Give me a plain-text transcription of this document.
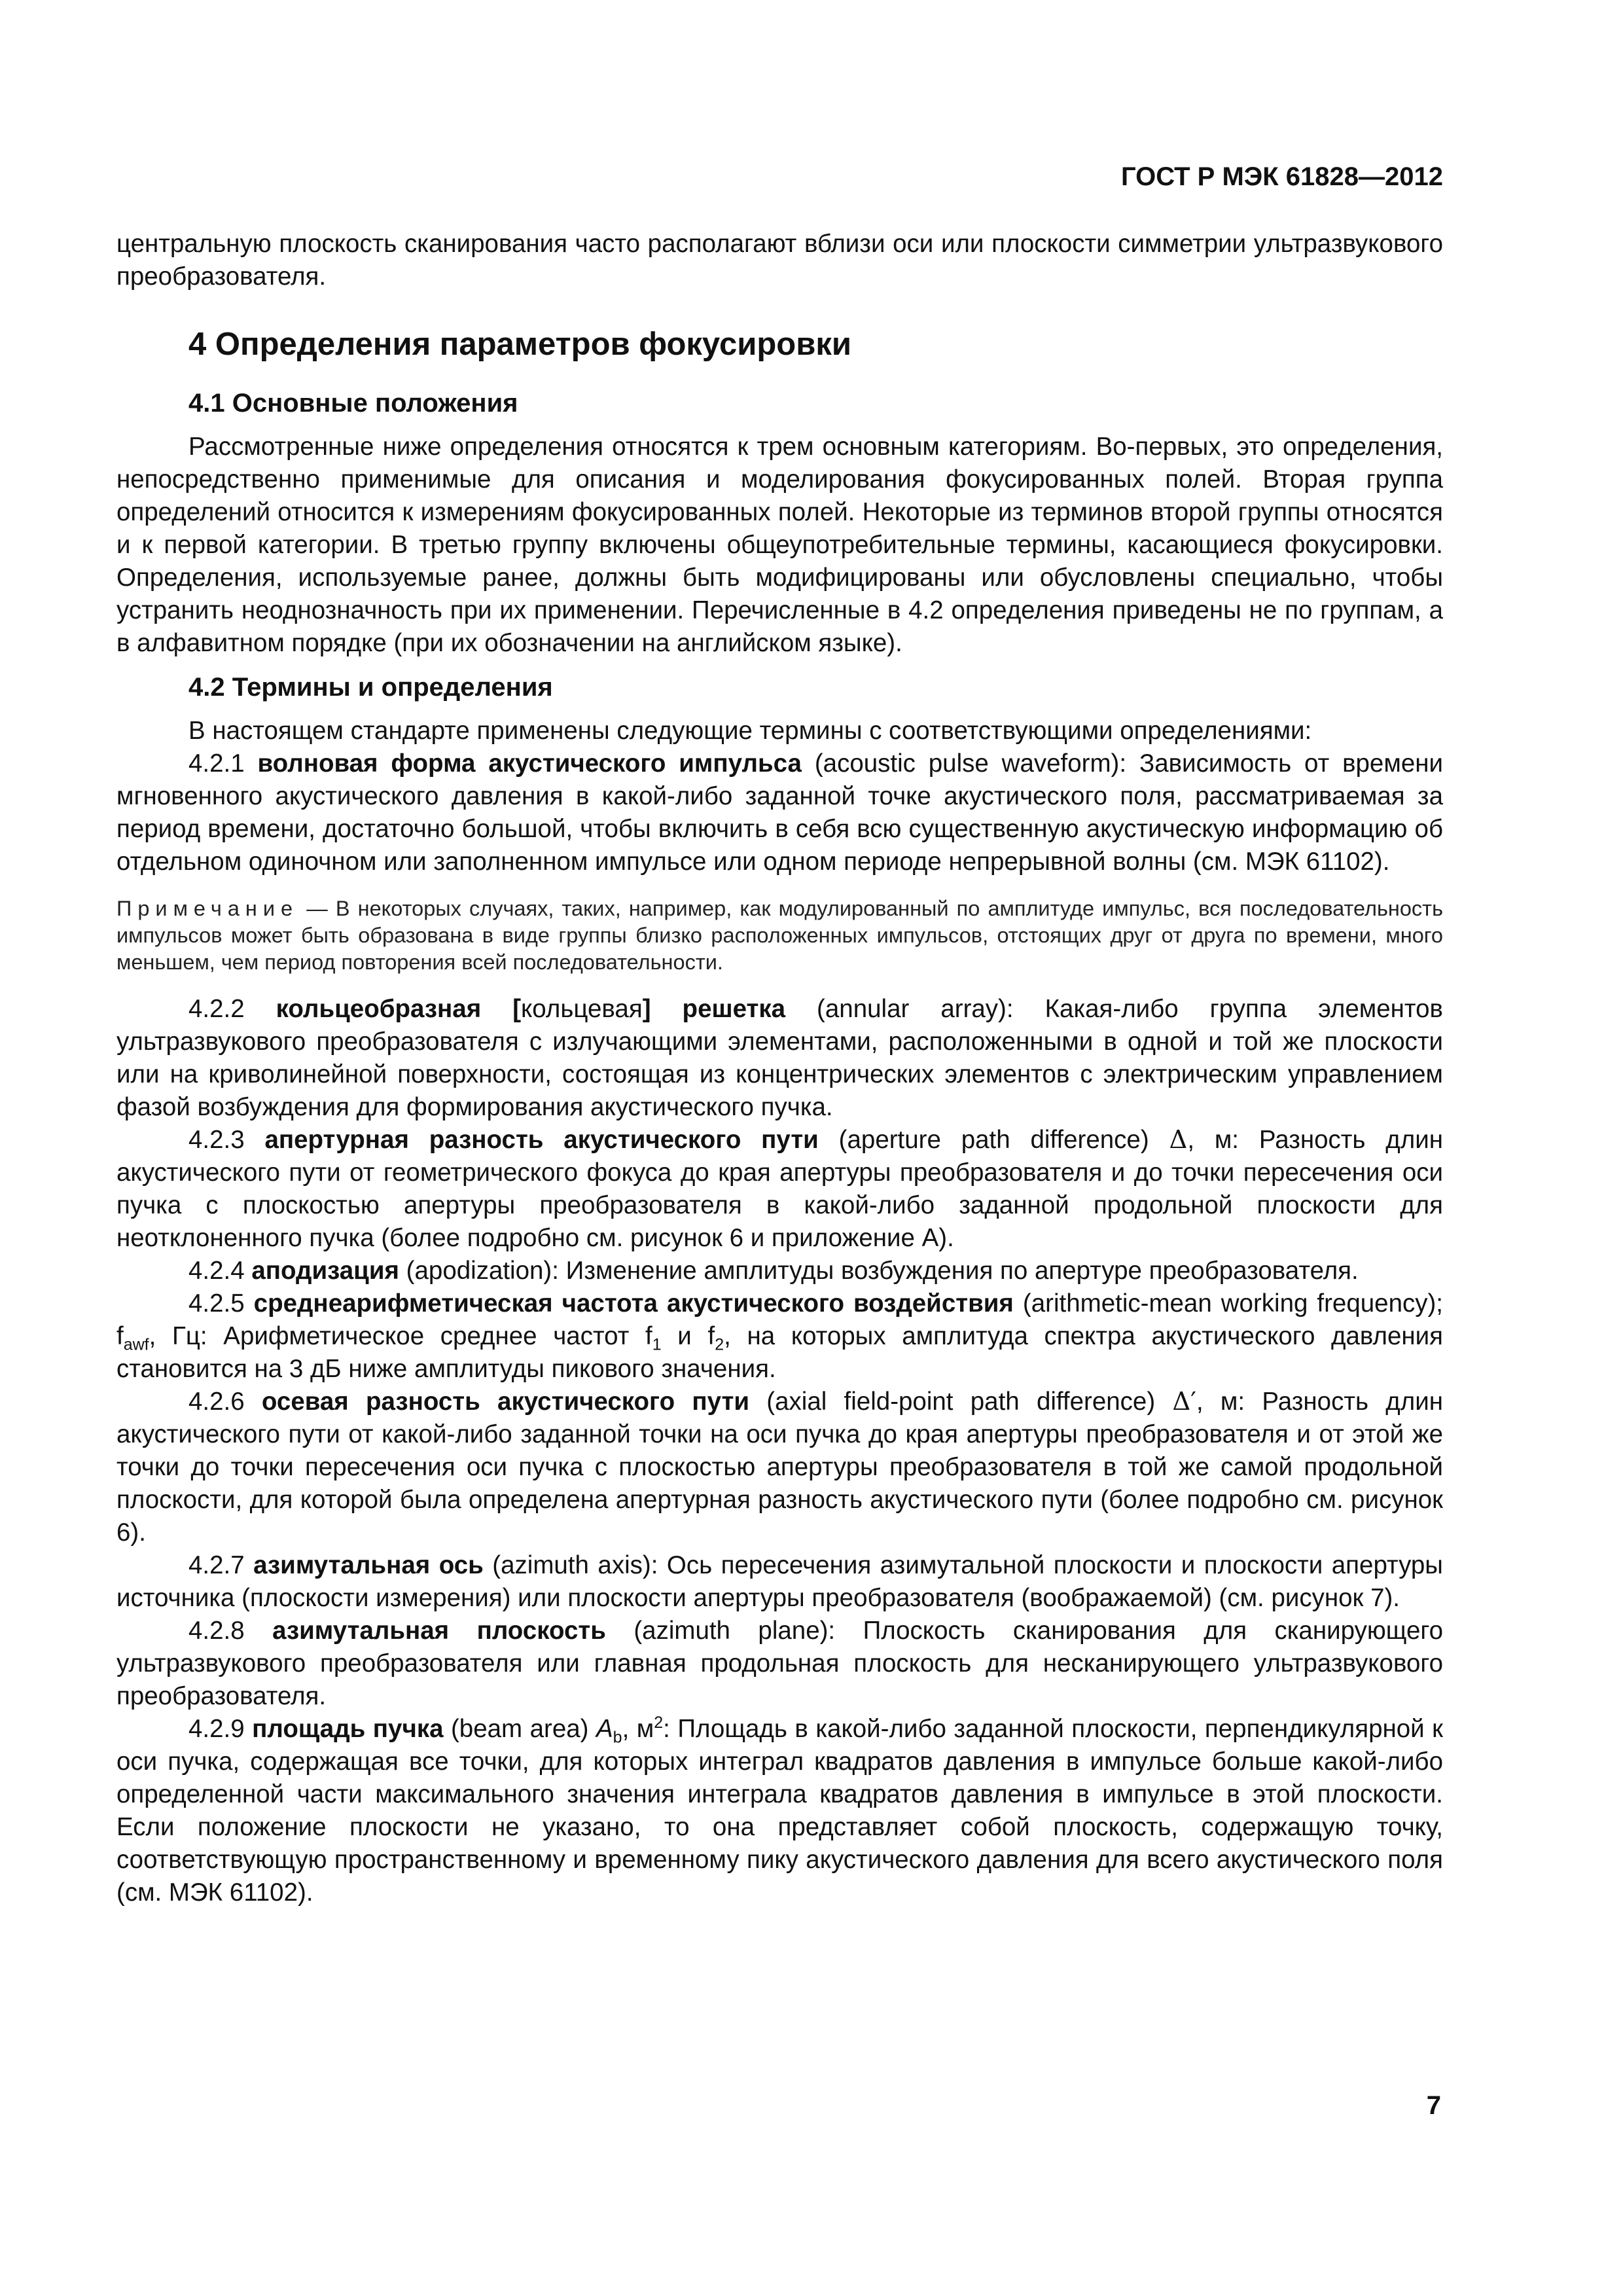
ГОСТ Р МЭК 61828—2012

центральную плоскость сканирования часто располагают вблизи оси или плоскости симметрии ультразвукового преобразователя.

4 Определения параметров фокусировки
4.1 Основные положения

Рассмотренные ниже определения относятся к трем основным категориям. Во-первых, это определения, непосредственно применимые для описания и моделирования фокусированных полей. Вторая группа определений относится к измерениям фокусированных полей. Некоторые из терминов второй группы относятся и к первой категории. В третью группу включены общеупотребительные термины, касающиеся фокусировки. Определения, используемые ранее, должны быть модифицированы или обусловлены специально, чтобы устранить неоднозначность при их применении. Перечисленные в 4.2 определения приведены не по группам, а в алфавитном порядке (при их обозначении на английском языке).

4.2 Термины и определения

В настоящем стандарте применены следующие термины с соответствующими определениями:

4.2.1 волновая форма акустического импульса (acoustic pulse waveform): Зависимость от времени мгновенного акустического давления в какой-либо заданной точке акустического поля, рассматриваемая за период времени, достаточно большой, чтобы включить в себя всю существенную акустическую информацию об отдельном одиночном или заполненном импульсе или одном периоде непрерывной волны (см. МЭК 61102).

Примечание — В некоторых случаях, таких, например, как модулированный по амплитуде импульс, вся последовательность импульсов может быть образована в виде группы близко расположенных импульсов, отстоящих друг от друга по времени, много меньшем, чем период повторения всей последовательности.

4.2.2 кольцеобразная [кольцевая] решетка (annular array): Какая-либо группа элементов ультразвукового преобразователя с излучающими элементами, расположенными в одной и той же плоскости или на криволинейной поверхности, состоящая из концентрических элементов с электрическим управлением фазой возбуждения для формирования акустического пучка.

4.2.3 апертурная разность акустического пути (aperture path difference) Δ, м: Разность длин акустического пути от геометрического фокуса до края апертуры преобразователя и до точки пересечения оси пучка с плоскостью апертуры преобразователя в какой-либо заданной продольной плоскости для неотклоненного пучка (более подробно см. рисунок 6 и приложение А).

4.2.4 аподизация (apodization): Изменение амплитуды возбуждения по апертуре преобразователя.

4.2.5 среднеарифметическая частота акустического воздействия (arithmetic-mean working frequency); $f_{awf}$, Гц: Арифметическое среднее частот $f_1$ и $f_2$, на которых амплитуда спектра акустического давления становится на 3 дБ ниже амплитуды пикового значения.

4.2.6 осевая разность акустического пути (axial field-point path difference) Δ′, м: Разность длин акустического пути от какой-либо заданной точки на оси пучка до края апертуры преобразователя и от этой же точки до точки пересечения оси пучка с плоскостью апертуры преобразователя в той же самой продольной плоскости, для которой была определена апертурная разность акустического пути (более подробно см. рисунок 6).

4.2.7 азимутальная ось (azimuth axis): Ось пересечения азимутальной плоскости и плоскости апертуры источника (плоскости измерения) или плоскости апертуры преобразователя (воображаемой) (см. рисунок 7).

4.2.8 азимутальная плоскость (azimuth plane): Плоскость сканирования для сканирующего ультразвукового преобразователя или главная продольная плоскость для несканирующего ультразвукового преобразователя.

4.2.9 площадь пучка (beam area) $A_b$, $м^2$: Площадь в какой-либо заданной плоскости, перпендикулярной к оси пучка, содержащая все точки, для которых интеграл квадратов давления в импульсе больше какой-либо определенной части максимального значения интеграла квадратов давления в импульсе в этой плоскости. Если положение плоскости не указано, то она представляет собой плоскость, содержащую точку, соответствующую пространственному и временному пику акустического давления для всего акустического поля (см. МЭК 61102).

7
